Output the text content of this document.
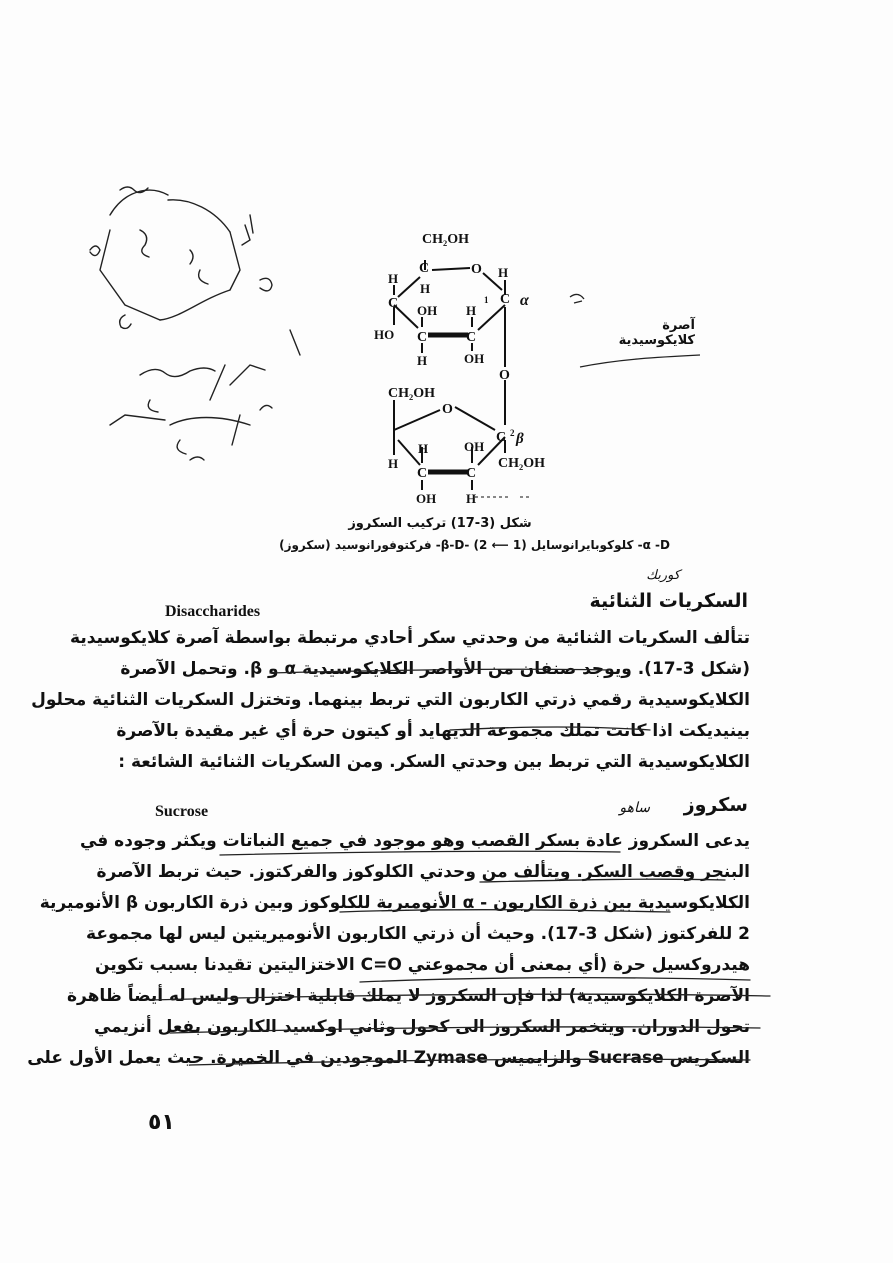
CH₂OH
C	O
H
H
H
1 C α
C OH H
HO C	C
H	OH
O
CH₂OH
O
H	OH
C 2 β
H	CH₂OH
C	C
OH H
آصرة كلايكوسيدية
شكل (3-17) تركيب السكروز
α -D- كلوكوبايرانوسايل (1 ⟵ 2) -β-D- فركتوفورانوسيد (سكروز)
كوربك
Disaccharides	السكريات الثنائية
تتألف السكريات الثنائية من وحدتي سكر أحادي مرتبطة بواسطة آصرة كلايكوسيدية
(شكل 3-17). ويوجد صنفان من الأواصر الكلايكوسيدية α و β. وتحمل الآصرة
الكلايكوسيدية رقمي ذرتي الكاربون التي تربط بينهما. وتختزل السكريات الثنائية محلول
بينيديكت اذا كانت تملك مجموعة الديهايد أو كيتون حرة أي غير مقيدة بالآصرة
الكلايكوسيدية التي تربط بين وحدتي السكر. ومن السكريات الثنائية الشائعة :
Sucrose	ساهو	سكروز
يدعى السكروز عادة بسكر القصب وهو موجود في جميع النباتات ويكثر وجوده في
البنجر وقصب السكر. ويتألف من وحدتي الكلوكوز والفركتوز. حيث تربط الآصرة
الكلايكوسيدية بين ذرة الكاربون - α الأنوميرية للكلوكوز وبين ذرة الكاربون β الأنوميرية
2 للفركتوز (شكل 3-17). وحيث أن ذرتي الكاربون الأنوميريتين ليس لها مجموعة
هيدروكسيل حرة (أي بمعنى أن مجموعتي C=O الاختزاليتين تقيدنا بسبب تكوين
الآصرة الكلايكوسيدية) لذا فإن السكروز لا يملك قابلية اختزال وليس له أيضاً ظاهرة
تحول الدوران. ويتخمر السكروز الى كحول وثاني اوكسيد الكاربون بفعل أنزيمي
السكريس Sucrase والزايميس Zymase الموجودين في الخميرة. حيث يعمل الأول على
٥١
